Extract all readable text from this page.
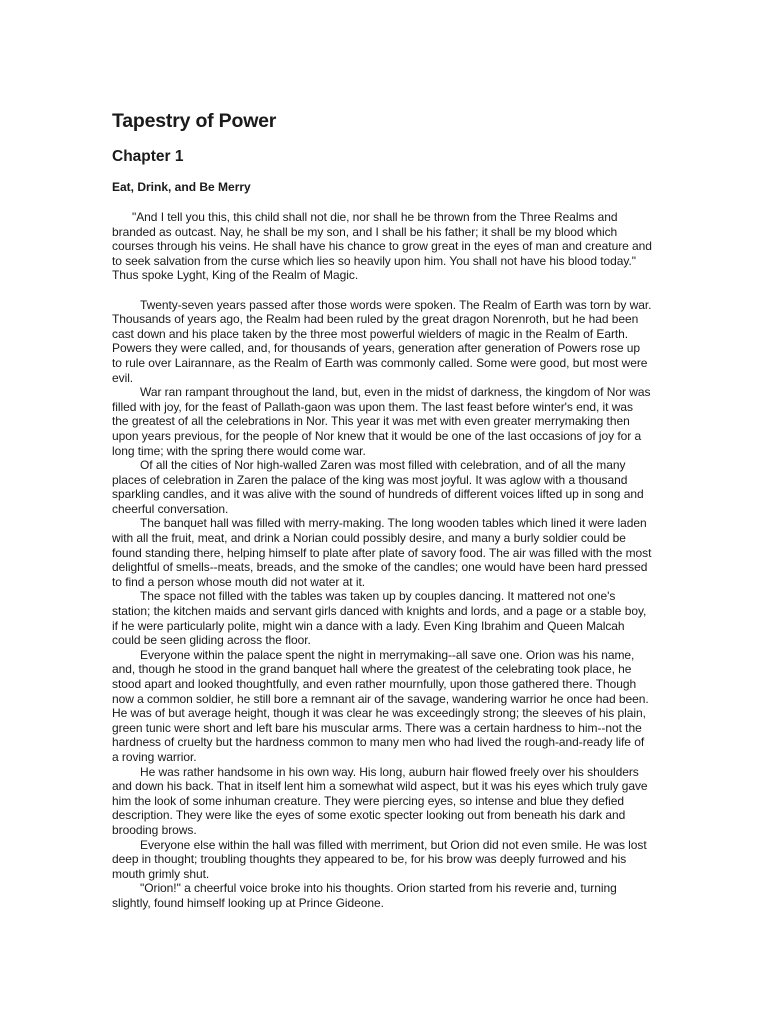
Tapestry of Power
Chapter 1
Eat, Drink, and Be Merry

"And I tell you this, this child shall not die, nor shall he be thrown from the Three Realms and branded as outcast. Nay, he shall be my son, and I shall be his father; it shall be my blood which courses through his veins. He shall have his chance to grow great in the eyes of man and creature and to seek salvation from the curse which lies so heavily upon him. You shall not have his blood today." Thus spoke Lyght, King of the Realm of Magic.

Twenty-seven years passed after those words were spoken. The Realm of Earth was torn by war. Thousands of years ago, the Realm had been ruled by the great dragon Norenroth, but he had been cast down and his place taken by the three most powerful wielders of magic in the Realm of Earth. Powers they were called, and, for thousands of years, generation after generation of Powers rose up to rule over Lairannare, as the Realm of Earth was commonly called. Some were good, but most were evil.

War ran rampant throughout the land, but, even in the midst of darkness, the kingdom of Nor was filled with joy, for the feast of Pallath-gaon was upon them. The last feast before winter's end, it was the greatest of all the celebrations in Nor. This year it was met with even greater merrymaking then upon years previous, for the people of Nor knew that it would be one of the last occasions of joy for a long time; with the spring there would come war.

Of all the cities of Nor high-walled Zaren was most filled with celebration, and of all the many places of celebration in Zaren the palace of the king was most joyful. It was aglow with a thousand sparkling candles, and it was alive with the sound of hundreds of different voices lifted up in song and cheerful conversation.

The banquet hall was filled with merry-making. The long wooden tables which lined it were laden with all the fruit, meat, and drink a Norian could possibly desire, and many a burly soldier could be found standing there, helping himself to plate after plate of savory food. The air was filled with the most delightful of smells--meats, breads, and the smoke of the candles; one would have been hard pressed to find a person whose mouth did not water at it.

The space not filled with the tables was taken up by couples dancing. It mattered not one's station; the kitchen maids and servant girls danced with knights and lords, and a page or a stable boy, if he were particularly polite, might win a dance with a lady. Even King Ibrahim and Queen Malcah could be seen gliding across the floor.

Everyone within the palace spent the night in merrymaking--all save one. Orion was his name, and, though he stood in the grand banquet hall where the greatest of the celebrating took place, he stood apart and looked thoughtfully, and even rather mournfully, upon those gathered there. Though now a common soldier, he still bore a remnant air of the savage, wandering warrior he once had been. He was of but average height, though it was clear he was exceedingly strong; the sleeves of his plain, green tunic were short and left bare his muscular arms. There was a certain hardness to him--not the hardness of cruelty but the hardness common to many men who had lived the rough-and-ready life of a roving warrior.

He was rather handsome in his own way. His long, auburn hair flowed freely over his shoulders and down his back. That in itself lent him a somewhat wild aspect, but it was his eyes which truly gave him the look of some inhuman creature. They were piercing eyes, so intense and blue they defied description. They were like the eyes of some exotic specter looking out from beneath his dark and brooding brows.

Everyone else within the hall was filled with merriment, but Orion did not even smile. He was lost deep in thought; troubling thoughts they appeared to be, for his brow was deeply furrowed and his mouth grimly shut.

"Orion!" a cheerful voice broke into his thoughts. Orion started from his reverie and, turning slightly, found himself looking up at Prince Gideone.
